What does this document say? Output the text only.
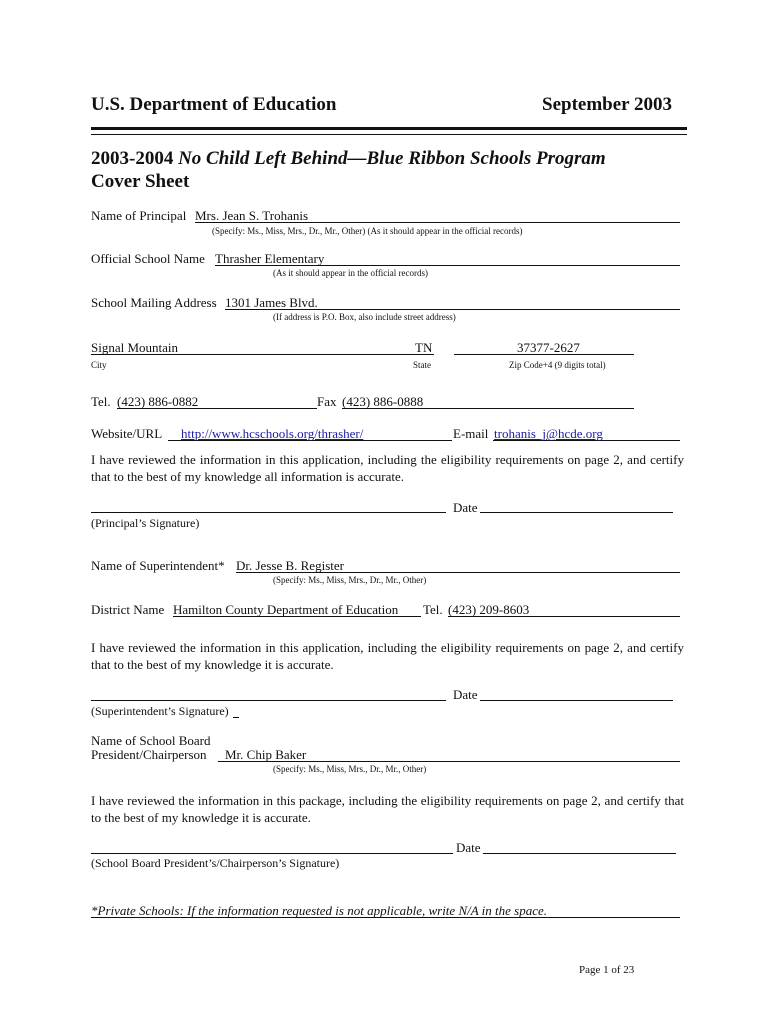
U.S. Department of Education	September 2003
2003-2004 No Child Left Behind—Blue Ribbon Schools Program
Cover Sheet
Name of Principal Mrs. Jean S. Trohanis
(Specify: Ms., Miss, Mrs., Dr., Mr., Other) (As it should appear in the official records)
Official School Name Thrasher Elementary
(As it should appear in the official records)
School Mailing Address 1301 James Blvd.
(If address is P.O. Box, also include street address)
Signal Mountain	TN	37377-2627
City	State	Zip Code+4 (9 digits total)
Tel. (423) 886-0882	Fax (423) 886-0888
Website/URL http://www.hcschools.org/thrasher/	E-mail trohanis_j@hcde.org
I have reviewed the information in this application, including the eligibility requirements on page 2, and certify that to the best of my knowledge all information is accurate.
Date
(Principal’s Signature)
Name of Superintendent* Dr. Jesse B. Register
(Specify: Ms., Miss, Mrs., Dr., Mr., Other)
District Name Hamilton County Department of Education Tel. (423) 209-8603
I have reviewed the information in this application, including the eligibility requirements on page 2, and certify that to the best of my knowledge it is accurate.
Date
(Superintendent’s Signature)
Name of School Board
President/Chairperson Mr. Chip Baker
(Specify: Ms., Miss, Mrs., Dr., Mr., Other)
I have reviewed the information in this package, including the eligibility requirements on page 2, and certify that to the best of my knowledge it is accurate.
Date
(School Board President’s/Chairperson’s Signature)
*Private Schools: If the information requested is not applicable, write N/A in the space.
Page 1 of 23
